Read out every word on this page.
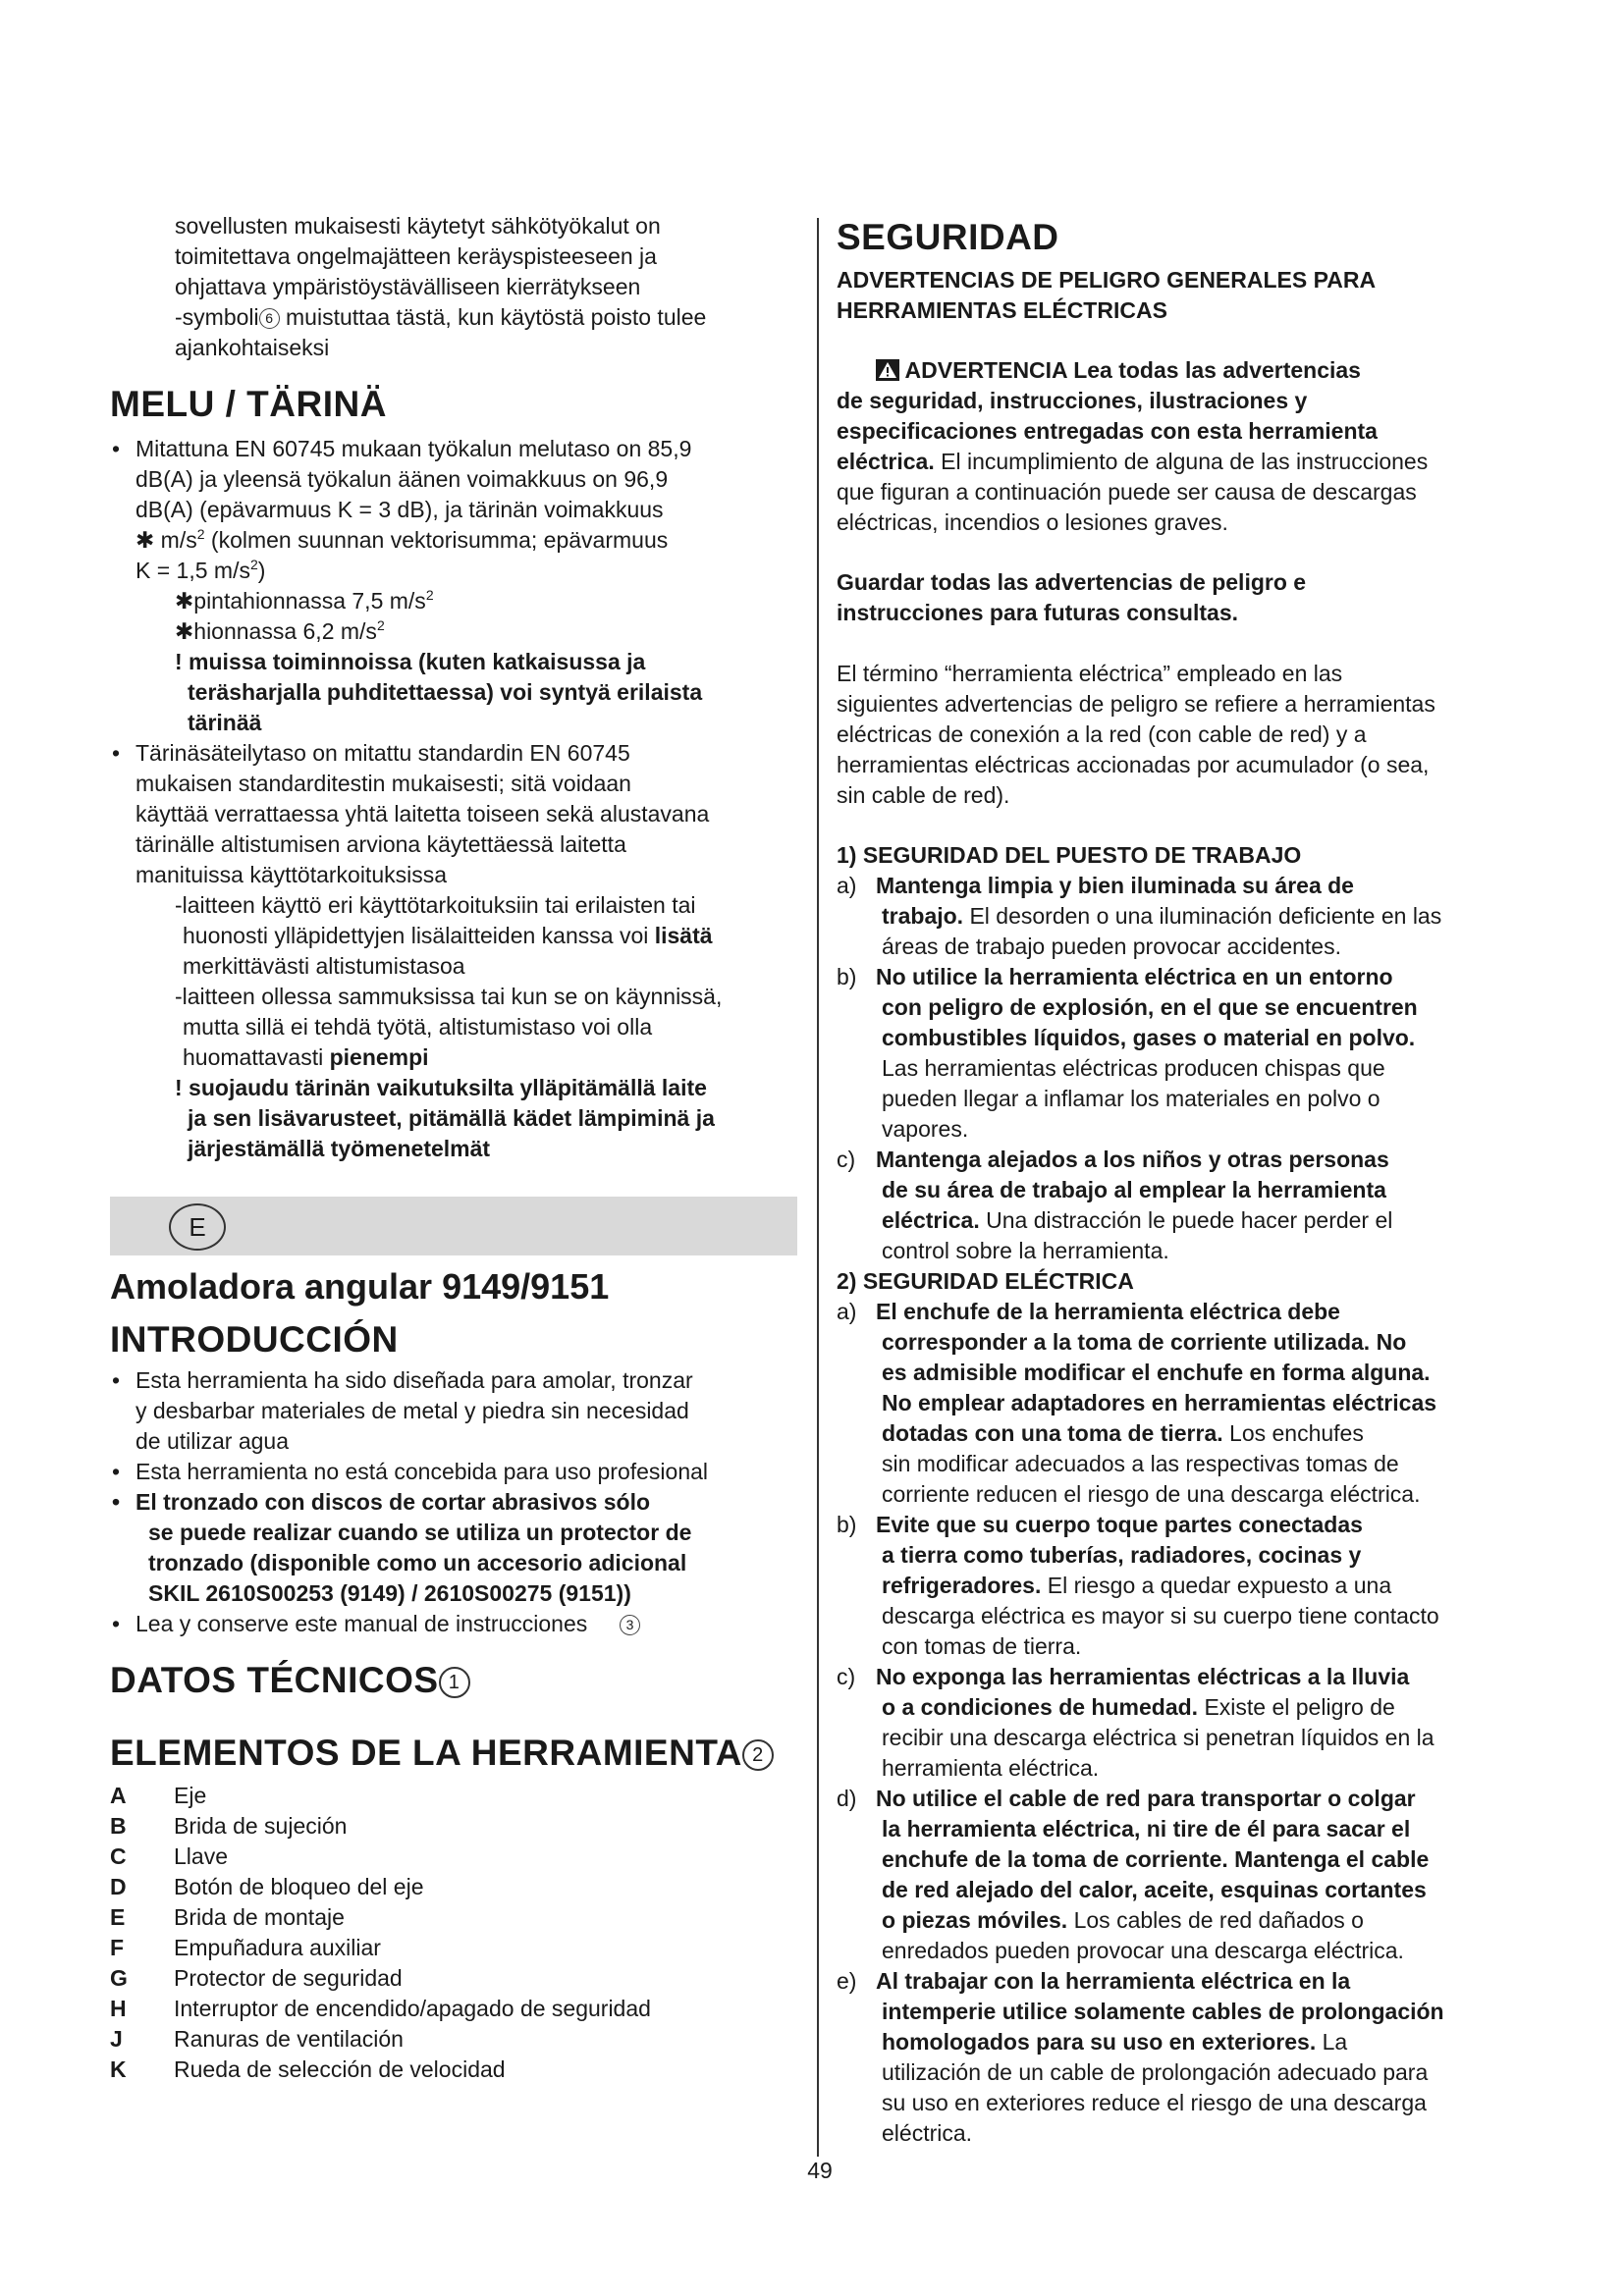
sovellusten mukaisesti käytetyt sähkötyökalut on
toimitettava ongelmajätteen keräyspisteeseen ja
ohjattava ympäristöystävälliseen kierrätykseen
-symboli 6 muistuttaa tästä, kun käytöstä poisto tulee
ajankohtaiseksi
MELU / TÄRINÄ
• Mitattuna EN 60745 mukaan työkalun melutaso on 85,9
dB(A) ja yleensä työkalun äänen voimakkuus on 96,9
dB(A) (epävarmuus K = 3 dB), ja tärinän voimakkuus
✱ $m/s^2$ (kolmen suunnan vektorisumma; epävarmuus
K = 1,5 $m/s^2$)
✱pintahionnassa 7,5 $m/s^2$
✱hionnassa 6,2 $m/s^2$
! muissa toiminnoissa (kuten katkaisussa ja
teräsharjalla puhditettaessa) voi syntyä erilaista
tärinää
• Tärinäsäteilytaso on mitattu standardin EN 60745
mukaisen standarditestin mukaisesti; sitä voidaan
käyttää verrattaessa yhtä laitetta toiseen sekä alustavana
tärinälle altistumisen arviona käytettäessä laitetta
manituissa käyttötarkoituksissa
-laitteen käyttö eri käyttötarkoituksiin tai erilaisten tai
huonosti ylläpidettyjen lisälaitteiden kanssa voi lisätä
merkittävästi altistumistasoa
-laitteen ollessa sammuksissa tai kun se on käynnissä,
mutta sillä ei tehdä työtä, altistumistaso voi olla
huomattavasti pienempi
! suojaudu tärinän vaikutuksilta ylläpitämällä laite
ja sen lisävarusteet, pitämällä kädet lämpiminä ja
järjestämällä työmenetelmät
E
Amoladora angular 9149/9151
INTRODUCCIÓN
• Esta herramienta ha sido diseñada para amolar, tronzar
y desbarbar materiales de metal y piedra sin necesidad
de utilizar agua
• Esta herramienta no está concebida para uso profesional
• El tronzado con discos de cortar abrasivos sólo
se puede realizar cuando se utiliza un protector de
tronzado (disponible como un accesorio adicional
SKIL 2610S00253 (9149) / 2610S00275 (9151))
• Lea y conserve este manual de instrucciones	3
DATOS TÉCNICOS 1
ELEMENTOS DE LA HERRAMIENTA 2
A	Eje
B	Brida de sujeción
C	Llave
D	Botón de bloqueo del eje
E	Brida de montaje
F	Empuñadura auxiliar
G	Protector de seguridad
H	Interruptor de encendido/apagado de seguridad
J	Ranuras de ventilación
K	Rueda de selección de velocidad
SEGURIDAD
ADVERTENCIAS DE PELIGRO GENERALES PARA
HERRAMIENTAS ELÉCTRICAS
ADVERTENCIA Lea todas las advertencias
de seguridad, instrucciones, ilustraciones y
especificaciones entregadas con esta herramienta
eléctrica. El incumplimiento de alguna de las instrucciones
que figuran a continuación puede ser causa de descargas
eléctricas, incendios o lesiones graves.
Guardar todas las advertencias de peligro e
instrucciones para futuras consultas.
El término “herramienta eléctrica” empleado en las
siguientes advertencias de peligro se refiere a herramientas
eléctricas de conexión a la red (con cable de red) y a
herramientas eléctricas accionadas por acumulador (o sea,
sin cable de red).
1) SEGURIDAD DEL PUESTO DE TRABAJO
a) Mantenga limpia y bien iluminada su área de
trabajo. El desorden o una iluminación deficiente en las
áreas de trabajo pueden provocar accidentes.
b) No utilice la herramienta eléctrica en un entorno
con peligro de explosión, en el que se encuentren
combustibles líquidos, gases o material en polvo.
Las herramientas eléctricas producen chispas que
pueden llegar a inflamar los materiales en polvo o
vapores.
c) Mantenga alejados a los niños y otras personas
de su área de trabajo al emplear la herramienta
eléctrica. Una distracción le puede hacer perder el
control sobre la herramienta.
2) SEGURIDAD ELÉCTRICA
a) El enchufe de la herramienta eléctrica debe
corresponder a la toma de corriente utilizada. No
es admisible modificar el enchufe en forma alguna.
No emplear adaptadores en herramientas eléctricas
dotadas con una toma de tierra. Los enchufes
sin modificar adecuados a las respectivas tomas de
corriente reducen el riesgo de una descarga eléctrica.
b) Evite que su cuerpo toque partes conectadas
a tierra como tuberías, radiadores, cocinas y
refrigeradores. El riesgo a quedar expuesto a una
descarga eléctrica es mayor si su cuerpo tiene contacto
con tomas de tierra.
c) No exponga las herramientas eléctricas a la lluvia
o a condiciones de humedad. Existe el peligro de
recibir una descarga eléctrica si penetran líquidos en la
herramienta eléctrica.
d) No utilice el cable de red para transportar o colgar
la herramienta eléctrica, ni tire de él para sacar el
enchufe de la toma de corriente. Mantenga el cable
de red alejado del calor, aceite, esquinas cortantes
o piezas móviles. Los cables de red dañados o
enredados pueden provocar una descarga eléctrica.
e) Al trabajar con la herramienta eléctrica en la
intemperie utilice solamente cables de prolongación
homologados para su uso en exteriores. La
utilización de un cable de prolongación adecuado para
su uso en exteriores reduce el riesgo de una descarga
eléctrica.
49
